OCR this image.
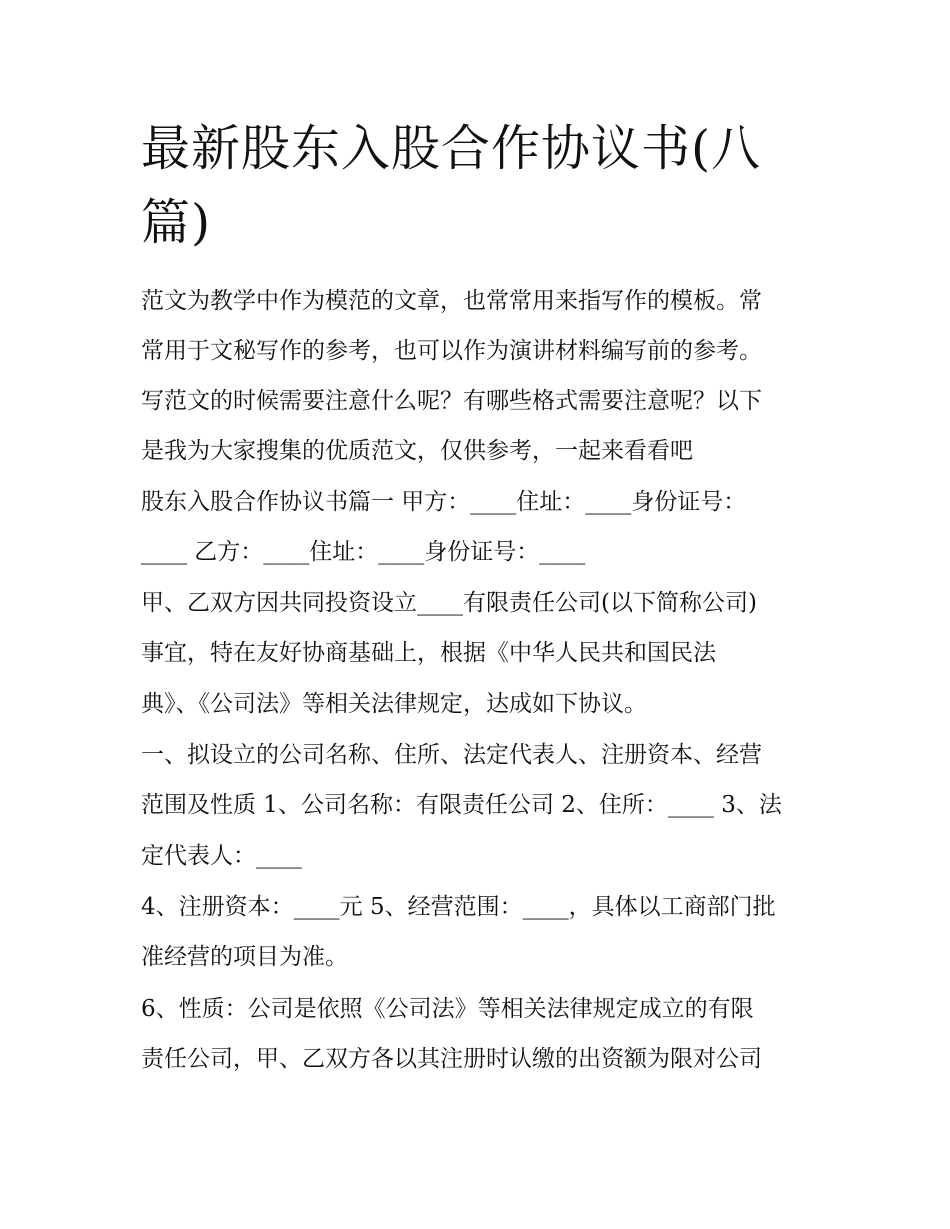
最新股东入股合作协议书(八
篇)
范文为教学中作为模范的文章，也常常用来指写作的模板。常
常用于文秘写作的参考，也可以作为演讲材料编写前的参考。
写范文的时候需要注意什么呢？有哪些格式需要注意呢？以下
是我为大家搜集的优质范文，仅供参考，一起来看看吧
股东入股合作协议书篇一 甲方：____住址：____身份证号：
____ 乙方：____住址：____身份证号：____
甲、乙双方因共同投资设立____有限责任公司(以下简称公司)
事宜，特在友好协商基础上，根据《中华人民共和国民法
典》、《公司法》等相关法律规定，达成如下协议。
一、拟设立的公司名称、住所、法定代表人、注册资本、经营
范围及性质 1、公司名称：有限责任公司 2、住所：____ 3、法
定代表人：____
4、注册资本：____元 5、经营范围：____，具体以工商部门批
准经营的项目为准。
6、性质：公司是依照《公司法》等相关法律规定成立的有限
责任公司，甲、乙双方各以其注册时认缴的出资额为限对公司
